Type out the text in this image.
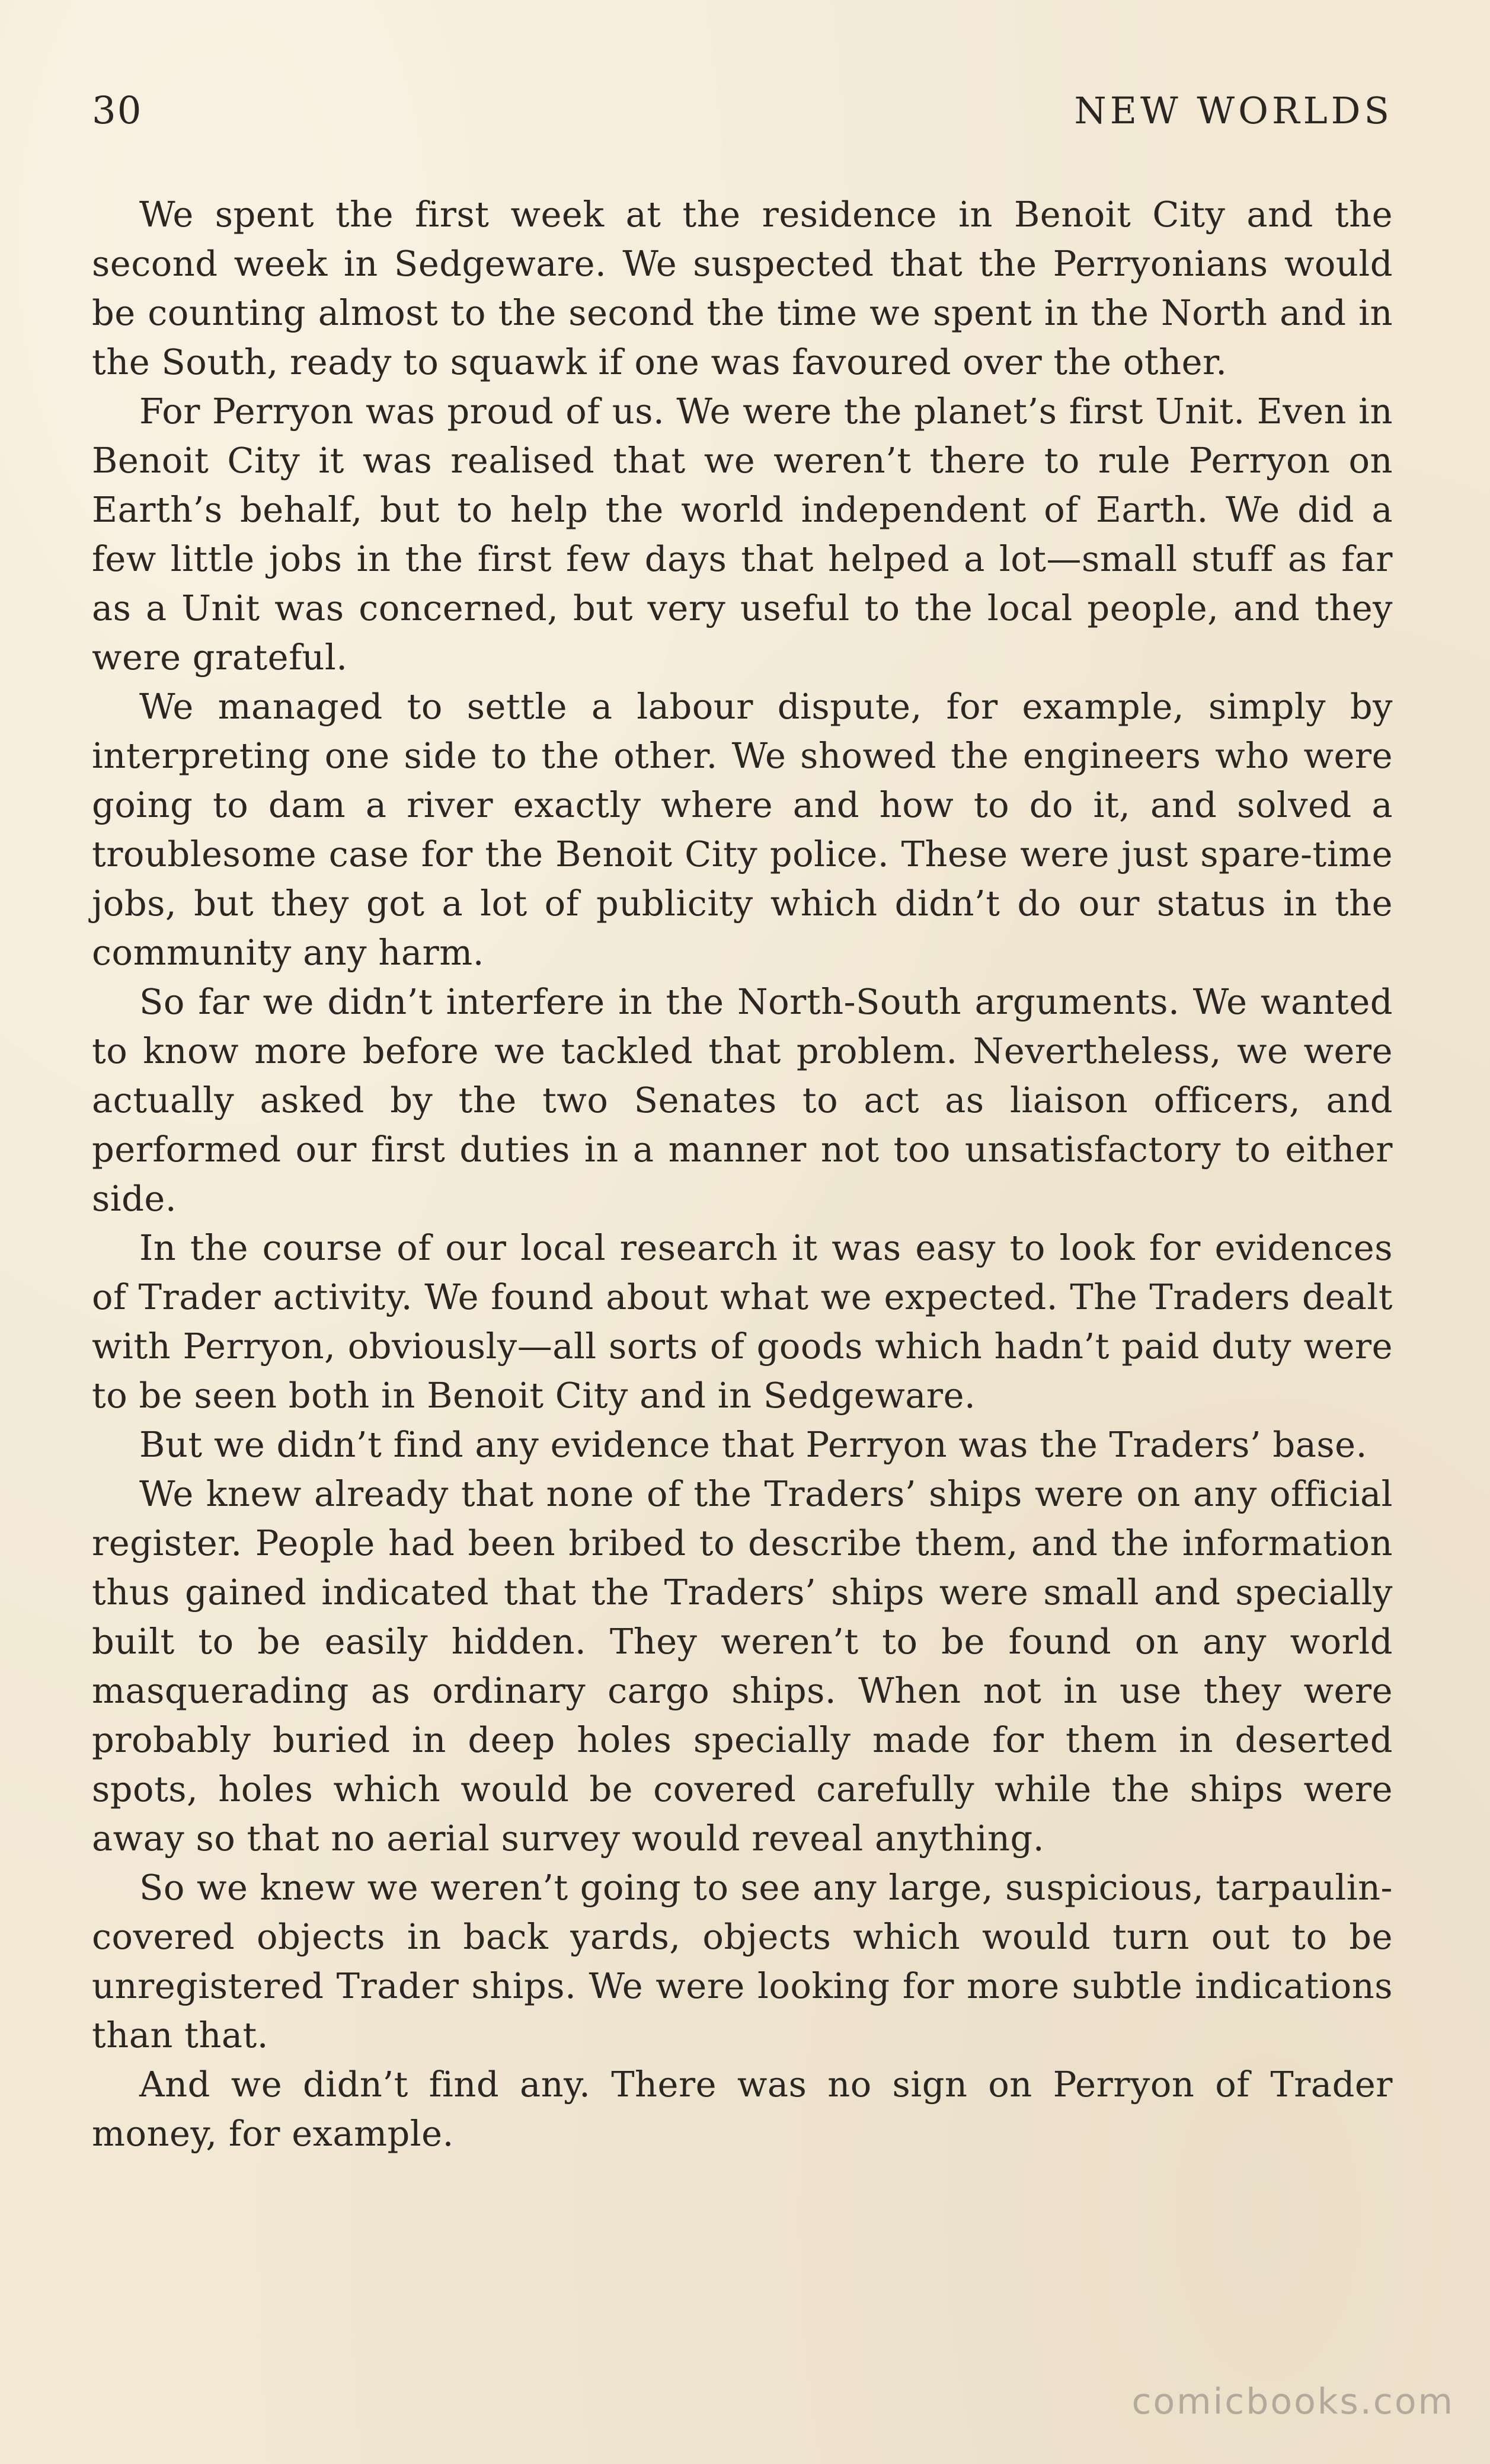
30	NEW WORLDS

We spent the first week at the residence in Benoit City and the second week in Sedgeware. We suspected that the Perryonians would be counting almost to the second the time we spent in the North and in the South, ready to squawk if one was favoured over the other.

For Perryon was proud of us. We were the planet’s first Unit. Even in Benoit City it was realised that we weren’t there to rule Perryon on Earth’s behalf, but to help the world independent of Earth. We did a few little jobs in the first few days that helped a lot—small stuff as far as a Unit was concerned, but very useful to the local people, and they were grateful.

We managed to settle a labour dispute, for example, simply by interpreting one side to the other. We showed the engineers who were going to dam a river exactly where and how to do it, and solved a troublesome case for the Benoit City police. These were just spare-time jobs, but they got a lot of publicity which didn’t do our status in the community any harm.

So far we didn’t interfere in the North-South arguments. We wanted to know more before we tackled that problem. Nevertheless, we were actually asked by the two Senates to act as liaison officers, and performed our first duties in a manner not too unsatisfactory to either side.

In the course of our local research it was easy to look for evidences of Trader activity. We found about what we expected. The Traders dealt with Perryon, obviously—all sorts of goods which hadn’t paid duty were to be seen both in Benoit City and in Sedgeware.

But we didn’t find any evidence that Perryon was the Traders’ base.

We knew already that none of the Traders’ ships were on any official register. People had been bribed to describe them, and the information thus gained indicated that the Traders’ ships were small and specially built to be easily hidden. They weren’t to be found on any world masquerading as ordinary cargo ships. When not in use they were probably buried in deep holes specially made for them in deserted spots, holes which would be covered carefully while the ships were away so that no aerial survey would reveal anything.

So we knew we weren’t going to see any large, suspicious, tarpaulin-covered objects in back yards, objects which would turn out to be unregistered Trader ships. We were looking for more subtle indications than that.

And we didn’t find any. There was no sign on Perryon of Trader money, for example.

comicbooks.com
